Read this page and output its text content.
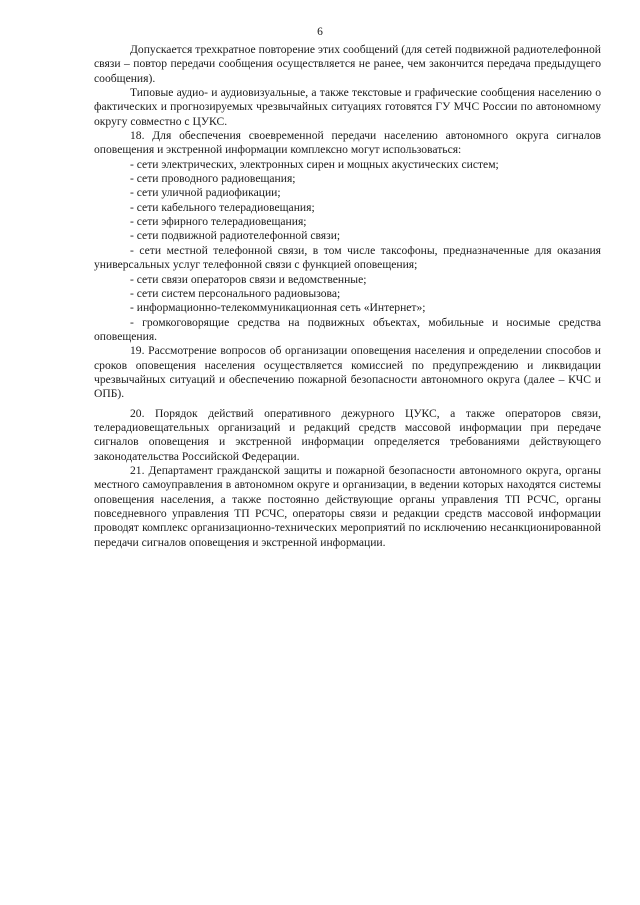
6

Допускается трехкратное повторение этих сообщений (для сетей подвижной радиотелефонной связи – повтор передачи сообщения осуществляется не ранее, чем закончится передача предыдущего сообщения).

Типовые аудио- и аудиовизуальные, а также текстовые и графические сообщения населению о фактических и прогнозируемых чрезвычайных ситуациях готовятся ГУ МЧС России по автономному округу совместно с ЦУКС.

18. Для обеспечения своевременной передачи населению автономного округа сигналов оповещения и экстренной информации комплексно могут использоваться:

- сети электрических, электронных сирен и мощных акустических систем;
- сети проводного радиовещания;
- сети уличной радиофикации;
- сети кабельного телерадиовещания;
- сети эфирного телерадиовещания;
- сети подвижной радиотелефонной связи;
- сети местной телефонной связи, в том числе таксофоны, предназначенные для оказания универсальных услуг телефонной связи с функцией оповещения;
- сети связи операторов связи и ведомственные;
- сети систем персонального радиовызова;
- информационно-телекоммуникационная сеть «Интернет»;
- громкоговорящие средства на подвижных объектах, мобильные и носимые средства оповещения.

19. Рассмотрение вопросов об организации оповещения населения и определении способов и сроков оповещения населения осуществляется комиссией по предупреждению и ликвидации чрезвычайных ситуаций и обеспечению пожарной безопасности автономного округа (далее – КЧС и ОПБ).

20. Порядок действий оперативного дежурного ЦУКС, а также операторов связи, телерадиовещательных организаций и редакций средств массовой информации при передаче сигналов оповещения и экстренной информации определяется требованиями действующего законодательства Российской Федерации.

21. Департамент гражданской защиты и пожарной безопасности автономного округа, органы местного самоуправления в автономном округе и организации, в ведении которых находятся системы оповещения населения, а также постоянно действующие органы управления ТП РСЧС, органы повседневного управления ТП РСЧС, операторы связи и редакции средств массовой информации проводят комплекс организационно-технических мероприятий по исключению несанкционированной передачи сигналов оповещения и экстренной информации.
